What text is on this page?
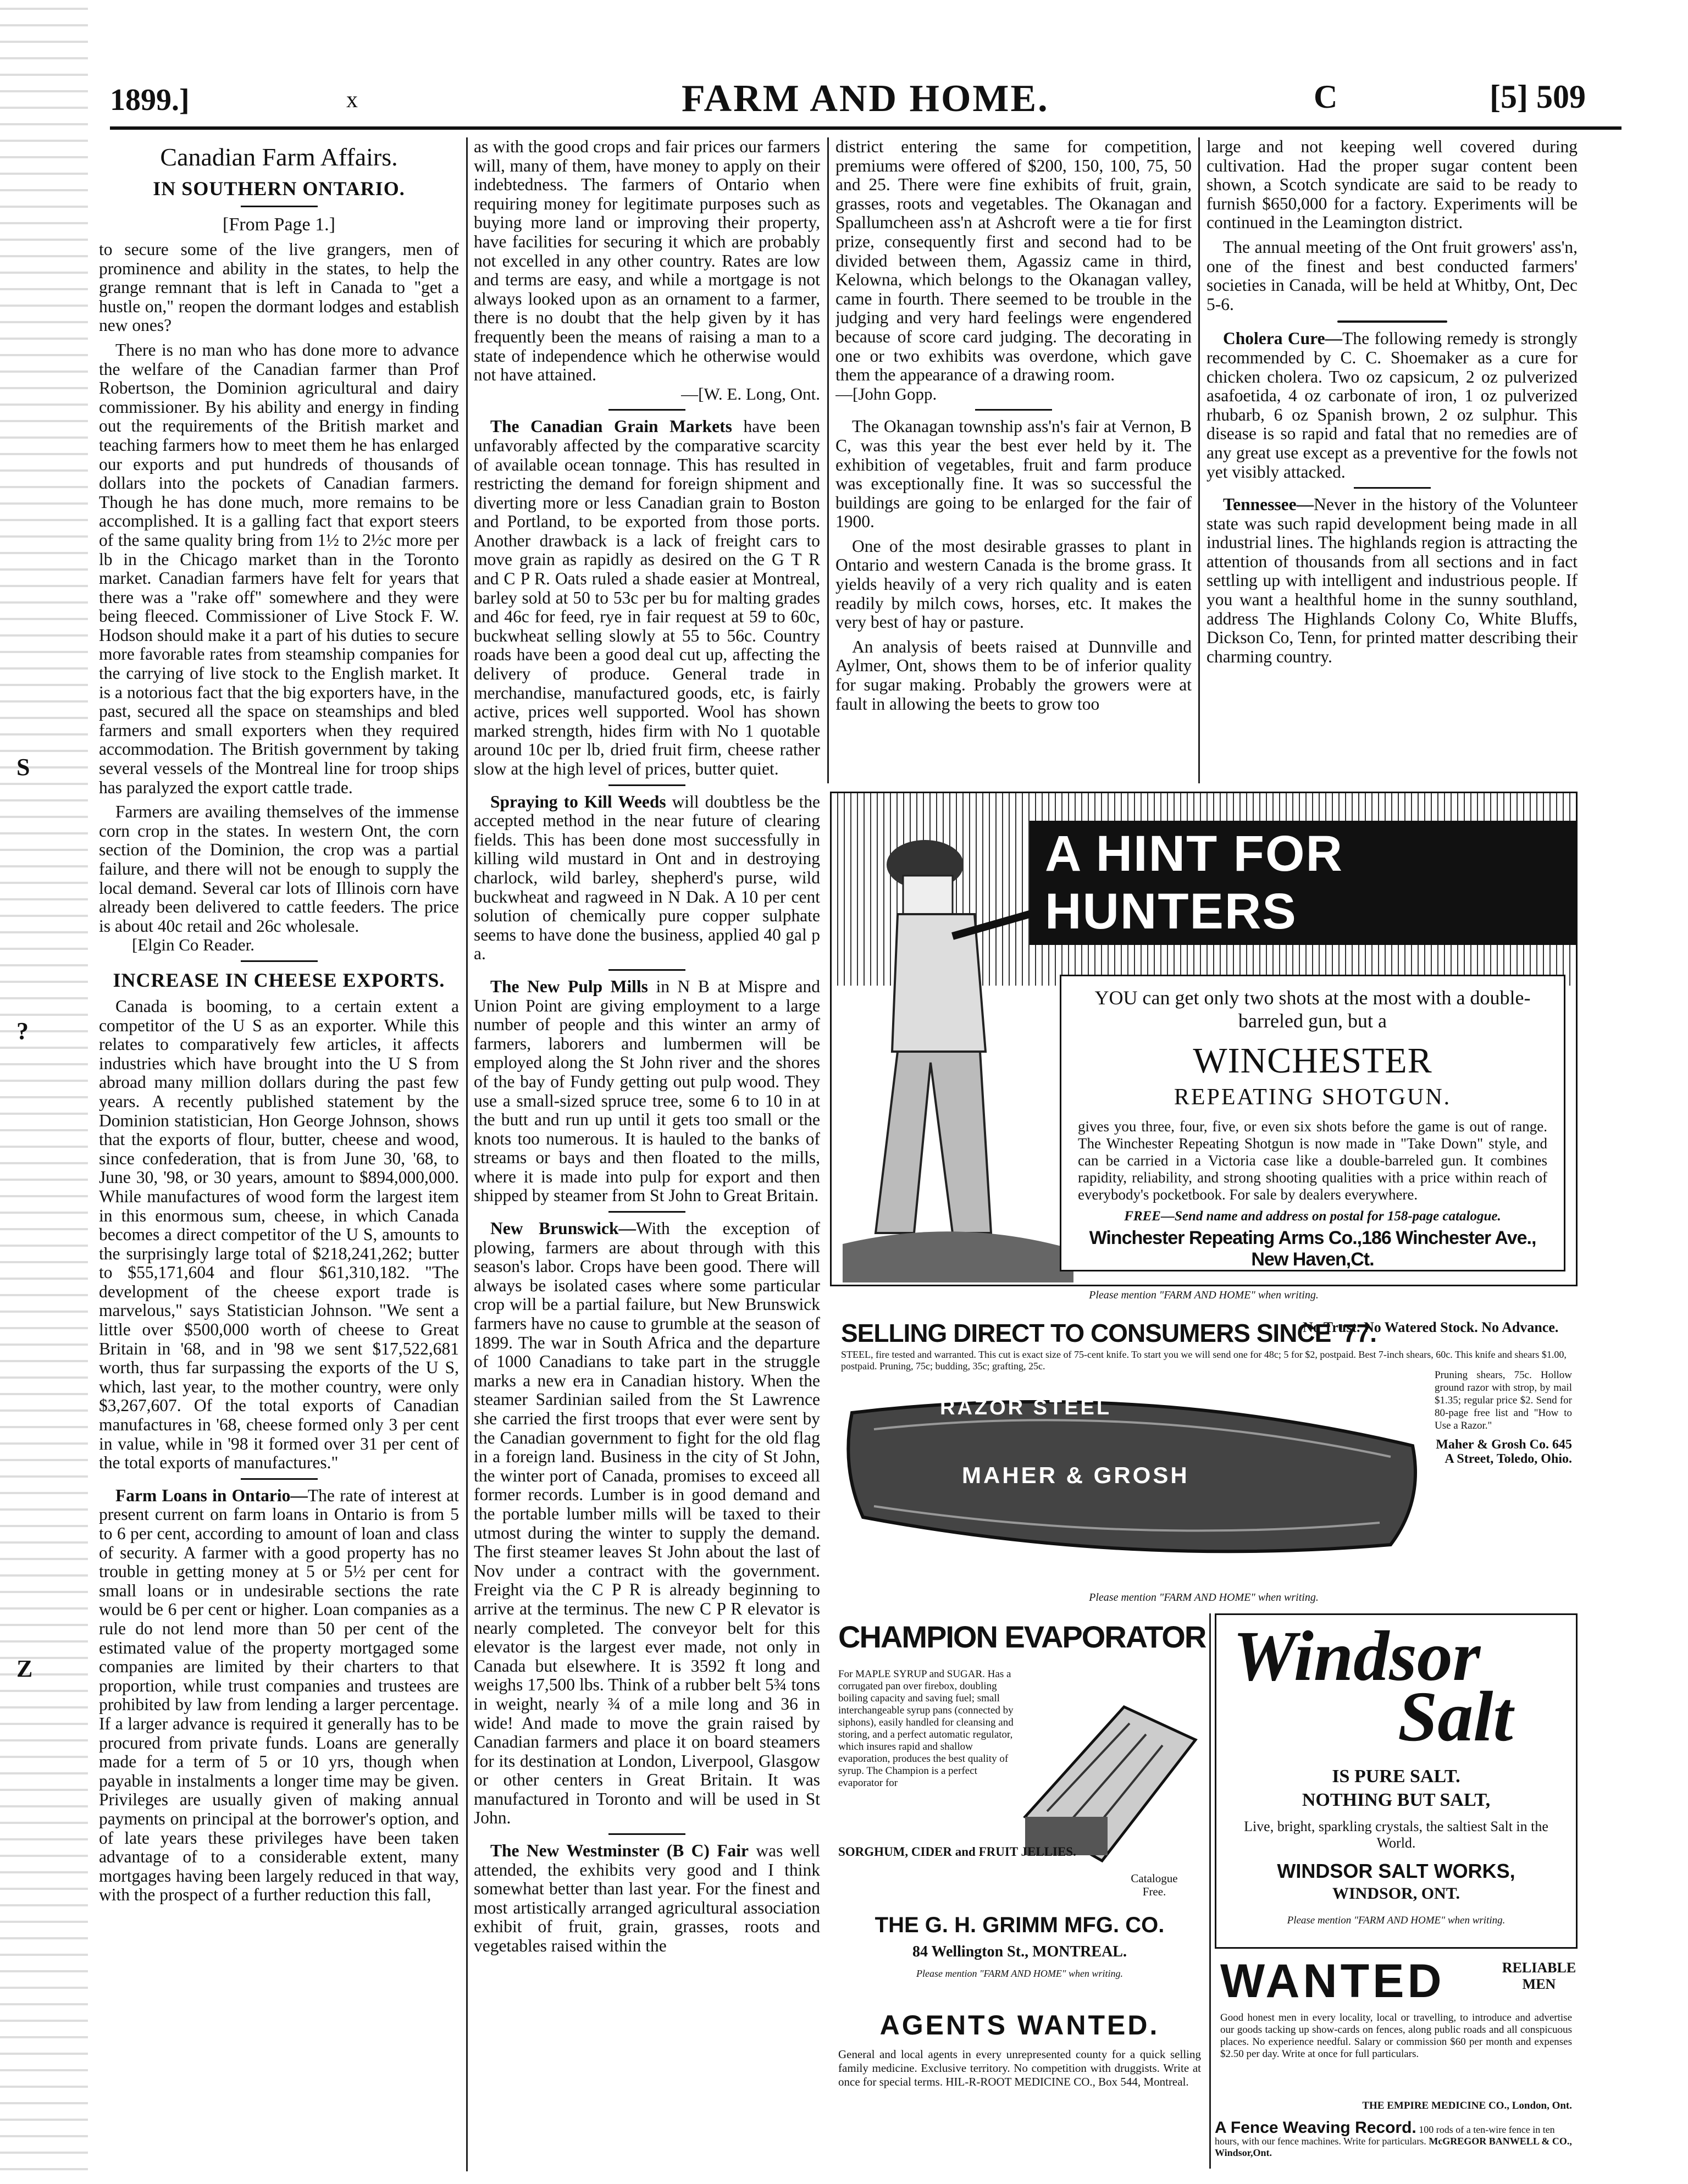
S
?
Z
1899.]	x	FARM AND HOME.	C	[5] 509
Canadian Farm Affairs.
IN SOUTHERN ONTARIO.
[From Page 1.]

to secure some of the live grangers, men of prominence and ability in the states, to help the grange remnant that is left in Canada to "get a hustle on," reopen the dormant lodges and establish new ones?

There is no man who has done more to advance the welfare of the Canadian farmer than Prof Robertson, the Dominion agricultural and dairy commissioner. By his ability and energy in finding out the requirements of the British market and teaching farmers how to meet them he has enlarged our exports and put hundreds of thousands of dollars into the pockets of Canadian farmers. Though he has done much, more remains to be accomplished. It is a galling fact that export steers of the same quality bring from 1½ to 2½c more per lb in the Chicago market than in the Toronto market. Canadian farmers have felt for years that there was a "rake off" somewhere and they were being fleeced. Commissioner of Live Stock F. W. Hodson should make it a part of his duties to secure more favorable rates from steamship companies for the carrying of live stock to the English market. It is a notorious fact that the big exporters have, in the past, secured all the space on steamships and bled farmers and small exporters when they required accommodation. The British government by taking several vessels of the Montreal line for troop ships has paralyzed the export cattle trade.

Farmers are availing themselves of the immense corn crop in the states. In western Ont, the corn section of the Dominion, the crop was a partial failure, and there will not be enough to supply the local demand. Several car lots of Illinois corn have already been delivered to cattle feeders. The price is about 40c retail and 26c wholesale.

[Elgin Co Reader.

INCREASE IN CHEESE EXPORTS.

Canada is booming, to a certain extent a competitor of the U S as an exporter. While this relates to comparatively few articles, it affects industries which have brought into the U S from abroad many million dollars during the past few years. A recently published statement by the Dominion statistician, Hon George Johnson, shows that the exports of flour, butter, cheese and wood, since confederation, that is from June 30, '68, to June 30, '98, or 30 years, amount to $894,000,000. While manufactures of wood form the largest item in this enormous sum, cheese, in which Canada becomes a direct competitor of the U S, amounts to the surprisingly large total of $218,241,262; butter to $55,171,604 and flour $61,310,182. "The development of the cheese export trade is marvelous," says Statistician Johnson. "We sent a little over $500,000 worth of cheese to Great Britain in '68, and in '98 we sent $17,522,681 worth, thus far surpassing the exports of the U S, which, last year, to the mother country, were only $3,267,607. Of the total exports of Canadian manufactures in '68, cheese formed only 3 per cent in value, while in '98 it formed over 31 per cent of the total exports of manufactures."

Farm Loans in Ontario—The rate of interest at present current on farm loans in Ontario is from 5 to 6 per cent, according to amount of loan and class of security. A farmer with a good property has no trouble in getting money at 5 or 5½ per cent for small loans or in undesirable sections the rate would be 6 per cent or higher. Loan companies as a rule do not lend more than 50 per cent of the estimated value of the property mortgaged some companies are limited by their charters to that proportion, while trust companies and trustees are prohibited by law from lending a larger percentage. If a larger advance is required it generally has to be procured from private funds. Loans are generally made for a term of 5 or 10 yrs, though when payable in instalments a longer time may be given. Privileges are usually given of making annual payments on principal at the borrower's option, and of late years these privileges have been taken advantage of to a considerable extent, many mortgages having been largely reduced in that way, with the prospect of a further reduction this fall,

as with the good crops and fair prices our farmers will, many of them, have money to apply on their indebtedness. The farmers of Ontario when requiring money for legitimate purposes such as buying more land or improving their property, have facilities for securing it which are probably not excelled in any other country. Rates are low and terms are easy, and while a mortgage is not always looked upon as an ornament to a farmer, there is no doubt that the help given by it has frequently been the means of raising a man to a state of independence which he otherwise would not have attained.

—[W. E. Long, Ont.

The Canadian Grain Markets have been unfavorably affected by the comparative scarcity of available ocean tonnage. This has resulted in restricting the demand for foreign shipment and diverting more or less Canadian grain to Boston and Portland, to be exported from those ports. Another drawback is a lack of freight cars to move grain as rapidly as desired on the G T R and C P R. Oats ruled a shade easier at Montreal, barley sold at 50 to 53c per bu for malting grades and 46c for feed, rye in fair request at 59 to 60c, buckwheat selling slowly at 55 to 56c. Country roads have been a good deal cut up, affecting the delivery of produce. General trade in merchandise, manufactured goods, etc, is fairly active, prices well supported. Wool has shown marked strength, hides firm with No 1 quotable around 10c per lb, dried fruit firm, cheese rather slow at the high level of prices, butter quiet.

Spraying to Kill Weeds will doubtless be the accepted method in the near future of clearing fields. This has been done most successfully in killing wild mustard in Ont and in destroying charlock, wild barley, shepherd's purse, wild buckwheat and ragweed in N Dak. A 10 per cent solution of chemically pure copper sulphate seems to have done the business, applied 40 gal p a.

The New Pulp Mills in N B at Mispre and Union Point are giving employment to a large number of people and this winter an army of farmers, laborers and lumbermen will be employed along the St John river and the shores of the bay of Fundy getting out pulp wood. They use a small-sized spruce tree, some 6 to 10 in at the butt and run up until it gets too small or the knots too numerous. It is hauled to the banks of streams or bays and then floated to the mills, where it is made into pulp for export and then shipped by steamer from St John to Great Britain.

New Brunswick—With the exception of plowing, farmers are about through with this season's labor. Crops have been good. There will always be isolated cases where some particular crop will be a partial failure, but New Brunswick farmers have no cause to grumble at the season of 1899. The war in South Africa and the departure of 1000 Canadians to take part in the struggle marks a new era in Canadian history. When the steamer Sardinian sailed from the St Lawrence she carried the first troops that ever were sent by the Canadian government to fight for the old flag in a foreign land. Business in the city of St John, the winter port of Canada, promises to exceed all former records. Lumber is in good demand and the portable lumber mills will be taxed to their utmost during the winter to supply the demand. The first steamer leaves St John about the last of Nov under a contract with the government. Freight via the C P R is already beginning to arrive at the terminus. The new C P R elevator is nearly completed. The conveyor belt for this elevator is the largest ever made, not only in Canada but elsewhere. It is 3592 ft long and weighs 17,500 lbs. Think of a rubber belt 5¾ tons in weight, nearly ¾ of a mile long and 36 in wide! And made to move the grain raised by Canadian farmers and place it on board steamers for its destination at London, Liverpool, Glasgow or other centers in Great Britain. It was manufactured in Toronto and will be used in St John.

The New Westminster (B C) Fair was well attended, the exhibits very good and I think somewhat better than last year. For the finest and most artistically arranged agricultural association exhibit of fruit, grain, grasses, roots and vegetables raised within the

district entering the same for competition, premiums were offered of $200, 150, 100, 75, 50 and 25. There were fine exhibits of fruit, grain, grasses, roots and vegetables. The Okanagan and Spallumcheen ass'n at Ashcroft were a tie for first prize, consequently first and second had to be divided between them, Agassiz came in third, Kelowna, which belongs to the Okanagan valley, came in fourth. There seemed to be trouble in the judging and very hard feelings were engendered because of score card judging. The decorating in one or two exhibits was overdone, which gave them the appearance of a drawing room.

—[John Gopp.

The Okanagan township ass'n's fair at Vernon, B C, was this year the best ever held by it. The exhibition of vegetables, fruit and farm produce was exceptionally fine. It was so successful the buildings are going to be enlarged for the fair of 1900.

One of the most desirable grasses to plant in Ontario and western Canada is the brome grass. It yields heavily of a very rich quality and is eaten readily by milch cows, horses, etc. It makes the very best of hay or pasture.

An analysis of beets raised at Dunnville and Aylmer, Ont, shows them to be of inferior quality for sugar making. Probably the growers were at fault in allowing the beets to grow too

large and not keeping well covered during cultivation. Had the proper sugar content been shown, a Scotch syndicate are said to be ready to furnish $650,000 for a factory. Experiments will be continued in the Leamington district.

The annual meeting of the Ont fruit growers' ass'n, one of the finest and best conducted farmers' societies in Canada, will be held at Whitby, Ont, Dec 5-6.

Cholera Cure—The following remedy is strongly recommended by C. C. Shoemaker as a cure for chicken cholera. Two oz capsicum, 2 oz pulverized asafoetida, 4 oz carbonate of iron, 1 oz pulverized rhubarb, 6 oz Spanish brown, 2 oz sulphur. This disease is so rapid and fatal that no remedies are of any great use except as a preventive for the fowls not yet visibly attacked.

Tennessee—Never in the history of the Volunteer state was such rapid development being made in all industrial lines. The highlands region is attracting the attention of thousands from all sections and in fact settling up with intelligent and industrious people. If you want a healthful home in the sunny southland, address The Highlands Colony Co, White Bluffs, Dickson Co, Tenn, for printed matter describing their charming country.

A HINT FOR HUNTERS
YOU can get only two shots at the most with a double-barreled gun, but a
WINCHESTER
REPEATING SHOTGUN.
gives you three, four, five, or even six shots before the game is out of range. The Winchester Repeating Shotgun is now made in "Take Down" style, and can be carried in a Victoria case like a double-barreled gun. It combines rapidity, reliability, and strong shooting qualities with a price within reach of everybody's pocketbook. For sale by dealers everywhere.
FREE—Send name and address on postal for 158-page catalogue.
Winchester Repeating Arms Co.,186 Winchester Ave., New Haven,Ct.
Please mention "FARM AND HOME" when writing.
SELLING DIRECT TO CONSUMERS SINCE '77.
No Trust. No Watered Stock. No Advance.
STEEL, fire tested and warranted. This cut is exact size of 75-cent knife. To start you we will send one for 48c; 5 for $2, postpaid. Best 7-inch shears, 60c. This knife and shears $1.00, postpaid. Pruning, 75c; budding, 35c; grafting, 25c.
RAZOR STEEL
MAHER & GROSH
Pruning shears, 75c. Hollow ground razor with strop, by mail $1.35; regular price $2. Send for 80-page free list and "How to Use a Razor."
Maher & Grosh Co. 645 A Street, Toledo, Ohio.
Please mention "FARM AND HOME" when writing.
CHAMPION EVAPORATOR
For MAPLE SYRUP and SUGAR. Has a corrugated pan over firebox, doubling boiling capacity and saving fuel; small interchangeable syrup pans (connected by siphons), easily handled for cleansing and storing, and a perfect automatic regulator, which insures rapid and shallow evaporation, produces the best quality of syrup. The Champion is a perfect evaporator for
SORGHUM, CIDER and FRUIT JELLIES.
Catalogue Free.
THE G. H. GRIMM MFG. CO.
84 Wellington St., MONTREAL.
Please mention "FARM AND HOME" when writing.
AGENTS WANTED.
General and local agents in every unrepresented county for a quick selling family medicine. Exclusive territory. No competition with druggists. Write at once for special terms. HIL-R-ROOT MEDICINE CO., Box 544, Montreal.
Windsor
Salt
IS PURE SALT.
NOTHING BUT SALT,
Live, bright, sparkling crystals, the saltiest Salt in the World.
WINDSOR SALT WORKS,
WINDSOR, ONT.
Please mention "FARM AND HOME" when writing.
WANTED	RELIABLE MEN
Good honest men in every locality, local or travelling, to introduce and advertise our goods tacking up show-cards on fences, along public roads and all conspicuous places. No experience needful. Salary or commission $60 per month and expenses $2.50 per day. Write at once for full particulars.
THE EMPIRE MEDICINE CO., London, Ont.
A Fence Weaving Record. 100 rods of a ten-wire fence in ten hours, with our fence machines. Write for particulars. McGREGOR BANWELL & CO., Windsor,Ont.
